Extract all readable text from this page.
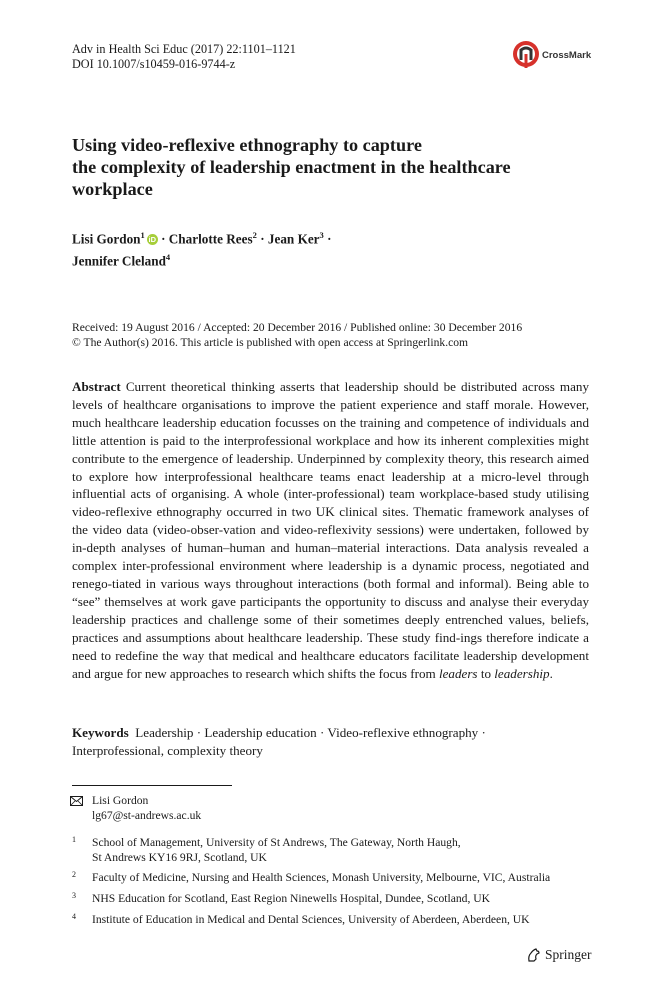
Adv in Health Sci Educ (2017) 22:1101–1121
DOI 10.1007/s10459-016-9744-z
CrossMark
Using video-reflexive ethnography to capture
the complexity of leadership enactment in the healthcare
workplace
Lisi Gordon$^1$ iD · Charlotte Rees$^2$ · Jean Ker$^3$ ·
Jennifer Cleland$^4$
Received: 19 August 2016 / Accepted: 20 December 2016 / Published online: 30 December 2016
© The Author(s) 2016. This article is published with open access at Springerlink.com
Abstract Current theoretical thinking asserts that leadership should be distributed across many levels of healthcare organisations to improve the patient experience and staff morale. However, much healthcare leadership education focusses on the training and competence of individuals and little attention is paid to the interprofessional workplace and how its inherent complexities might contribute to the emergence of leadership. Underpinned by complexity theory, this research aimed to explore how interprofessional healthcare teams enact leadership at a micro-level through influential acts of organising. A whole (inter-professional) team workplace-based study utilising video-reflexive ethnography occurred in two UK clinical sites. Thematic framework analyses of the video data (video-obser-vation and video-reflexivity sessions) were undertaken, followed by in-depth analyses of human–human and human–material interactions. Data analysis revealed a complex inter-professional environment where leadership is a dynamic process, negotiated and renego-tiated in various ways throughout interactions (both formal and informal). Being able to “see” themselves at work gave participants the opportunity to discuss and analyse their everyday leadership practices and challenge some of their sometimes deeply entrenched values, beliefs, practices and assumptions about healthcare leadership. These study find-ings therefore indicate a need to redefine the way that medical and healthcare educators facilitate leadership development and argue for new approaches to research which shifts the focus from leaders to leadership.
Keywords Leadership · Leadership education · Video-reflexive ethnography ·
Interprofessional, complexity theory
Lisi Gordon
lg67@st-andrews.ac.uk
1 School of Management, University of St Andrews, The Gateway, North Haugh,
St Andrews KY16 9RJ, Scotland, UK
2 Faculty of Medicine, Nursing and Health Sciences, Monash University, Melbourne, VIC, Australia
3 NHS Education for Scotland, East Region Ninewells Hospital, Dundee, Scotland, UK
4 Institute of Education in Medical and Dental Sciences, University of Aberdeen, Aberdeen, UK
Springer
